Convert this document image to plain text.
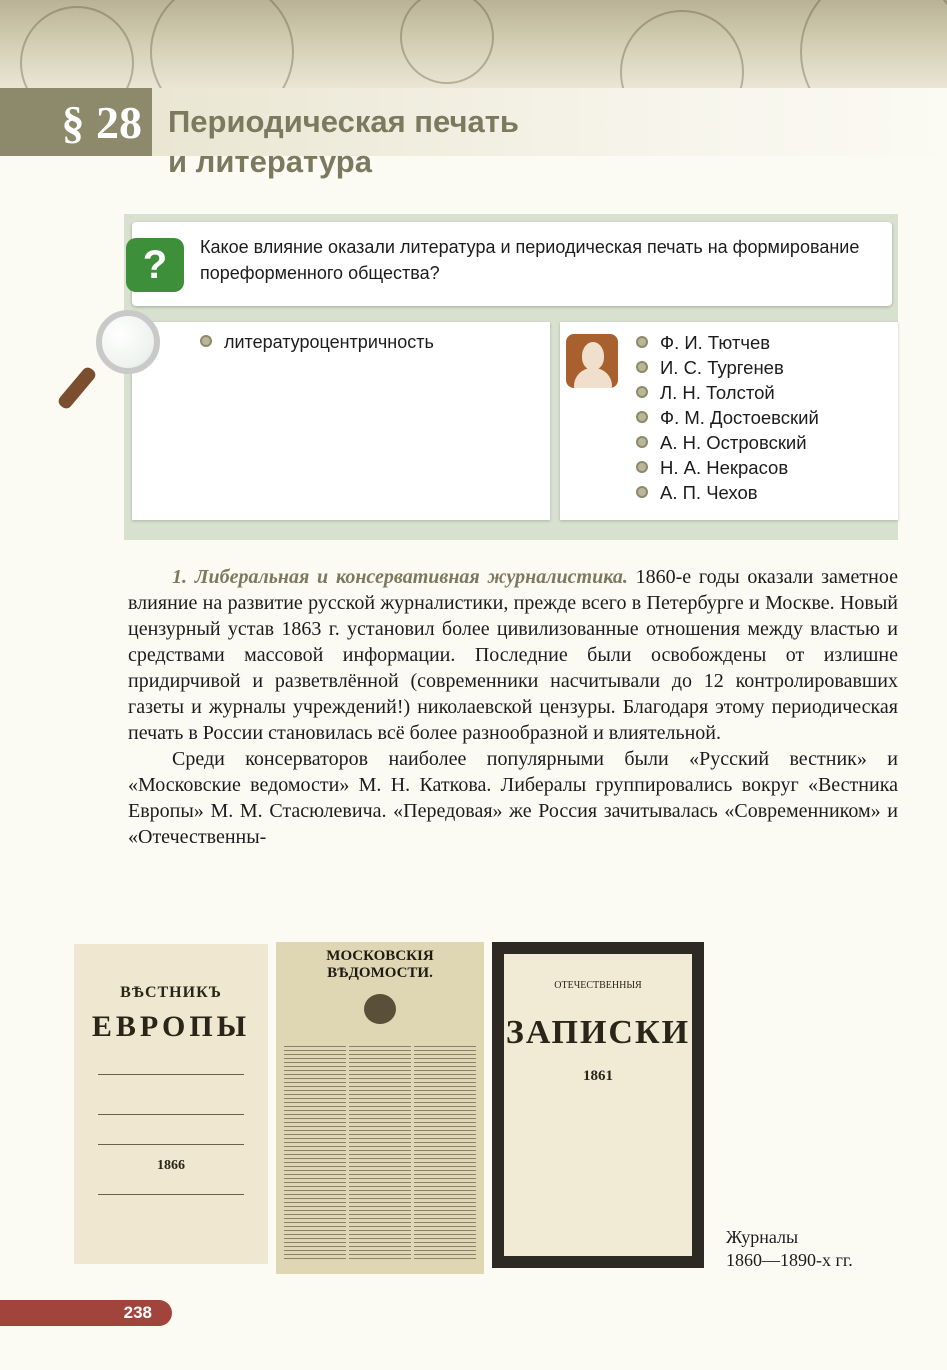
§ 28 Периодическая печать
и литература
?	Какое влияние оказали литература и периодическая печать на формирование пореформенного общества?
литературоцентричность	Ф. И. Тютчев
И. С. Тургенев
Л. Н. Толстой
Ф. М. Достоевский
А. Н. Островский
Н. А. Некрасов
А. П. Чехов

1. Либеральная и консервативная журналистика. 1860-е годы оказали заметное влияние на развитие русской журналистики, прежде всего в Петербурге и Москве. Новый цензурный устав 1863 г. установил более цивилизованные отношения между властью и средствами массовой информации. Последние были освобождены от излишне придирчивой и разветвлённой (современники насчитывали до 12 контролировавших газеты и журналы учреждений!) николаевской цензуры. Благодаря этому периодическая печать в России становилась всё более разнообразной и влиятельной.

Среди консерваторов наиболее популярными были «Русский вестник» и «Московские ведомости» М. Н. Каткова. Либералы группировались вокруг «Вестника Европы» М. М. Стасюлевича. «Передовая» же Россия зачитывалась «Современником» и «Отечественны-

ВѢСТНИКЪ
ЕВРОПЫ
1866
МОСКОВСКІЯ ВѢДОМОСТИ.
ОТЕЧЕСТВЕННЫЯ
ЗАПИСКИ
1861
Журналы
1860—1890-х гг.
238
